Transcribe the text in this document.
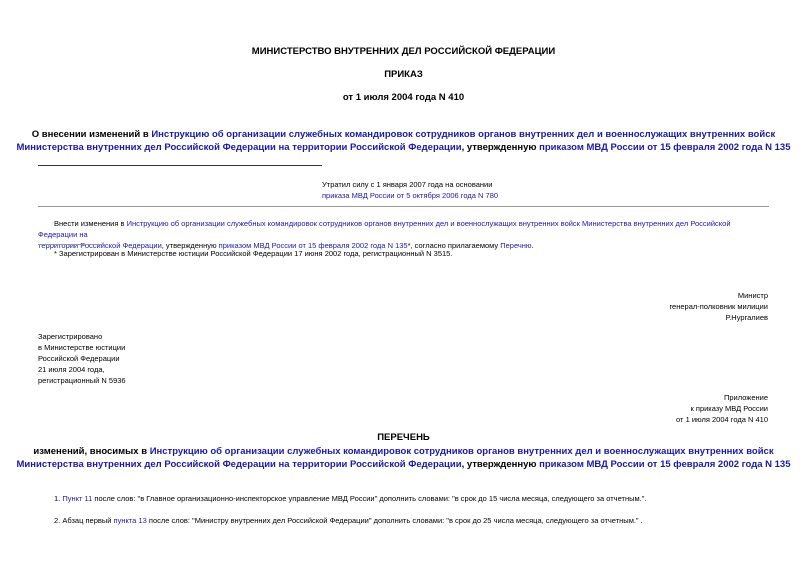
МИНИСТЕРСТВО ВНУТРЕННИХ ДЕЛ РОССИЙСКОЙ ФЕДЕРАЦИИ
ПРИКАЗ
от 1 июля 2004 года N 410
О внесении изменений в Инструкцию об организации служебных командировок сотрудников органов внутренних дел и военнослужащих внутренних войск
Министерства внутренних дел Российской Федерации на территории Российской Федерации, утвержденную приказом МВД России от 15 февраля 2002 года N 135
Утратил силу с 1 января 2007 года на основании
приказа МВД России от 5 октября 2006 года N 780
Внести изменения в Инструкцию об организации служебных командировок сотрудников органов внутренних дел и военнослужащих внутренних войск Министерства внутренних дел Российской Федерации на
территории Российской Федерации, утвержденную приказом МВД России от 15 февраля 2002 года N 135*, согласно прилагаемому Перечню.
* Зарегистрирован в Министерстве юстиции Российской Федерации 17 июня 2002 года, регистрационный N 3515.
Министр
генерал-полковник милиции
Р.Нургалиев
Зарегистрировано
в Министерстве юстиции
Российской Федерации
21 июля 2004 года,
регистрационный N 5936
Приложение
к приказу МВД России
от 1 июля 2004 года N 410
ПЕРЕЧЕНЬ
изменений, вносимых в Инструкцию об организации служебных командировок сотрудников органов внутренних дел и военнослужащих внутренних войск
Министерства внутренних дел Российской Федерации на территории Российской Федерации, утвержденную приказом МВД России от 15 февраля 2002 года N 135
1. Пункт 11 после слов: "в Главное организационно-инспекторское управление МВД России" дополнить словами: "в срок до 15 числа месяца, следующего за отчетным.".
2. Абзац первый пункта 13 после слов: "Министру внутренних дел Российской Федерации" дополнить словами: "в срок до 25 числа месяца, следующего за отчетным." .
